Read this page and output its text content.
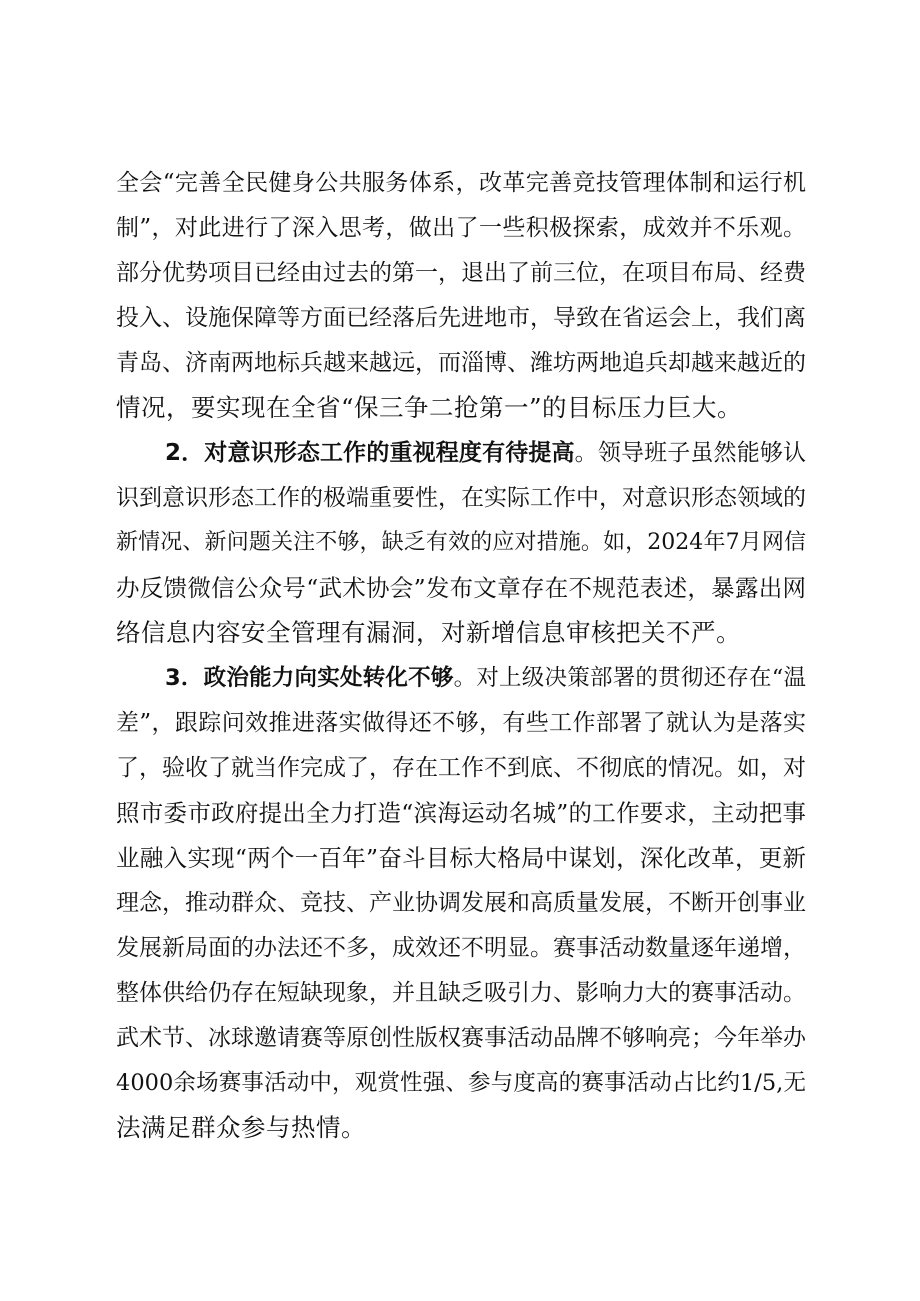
全会“完善全民健身公共服务体系，改革完善竞技管理体制和运行机
制”，对此进行了深入思考，做出了一些积极探索，成效并不乐观。
部分优势项目已经由过去的第一，退出了前三位，在项目布局、经费
投入、设施保障等方面已经落后先进地市，导致在省运会上，我们离
青岛、济南两地标兵越来越远，而淄博、潍坊两地追兵却越来越近的
情况，要实现在全省“保三争二抢第一”的目标压力巨大。
2．对意识形态工作的重视程度有待提高。领导班子虽然能够认
识到意识形态工作的极端重要性，在实际工作中，对意识形态领域的
新情况、新问题关注不够，缺乏有效的应对措施。如，2024年7月网信
办反馈微信公众号“武术协会”发布文章存在不规范表述，暴露出网
络信息内容安全管理有漏洞，对新增信息审核把关不严。
3．政治能力向实处转化不够。对上级决策部署的贯彻还存在“温
差”，跟踪问效推进落实做得还不够，有些工作部署了就认为是落实
了，验收了就当作完成了，存在工作不到底、不彻底的情况。如，对
照市委市政府提出全力打造“滨海运动名城”的工作要求，主动把事
业融入实现“两个一百年”奋斗目标大格局中谋划，深化改革，更新
理念，推动群众、竞技、产业协调发展和高质量发展，不断开创事业
发展新局面的办法还不多，成效还不明显。赛事活动数量逐年递增，
整体供给仍存在短缺现象，并且缺乏吸引力、影响力大的赛事活动。
武术节、冰球邀请赛等原创性版权赛事活动品牌不够响亮；今年举办
4000余场赛事活动中，观赏性强、参与度高的赛事活动占比约1/5,无
法满足群众参与热情。
